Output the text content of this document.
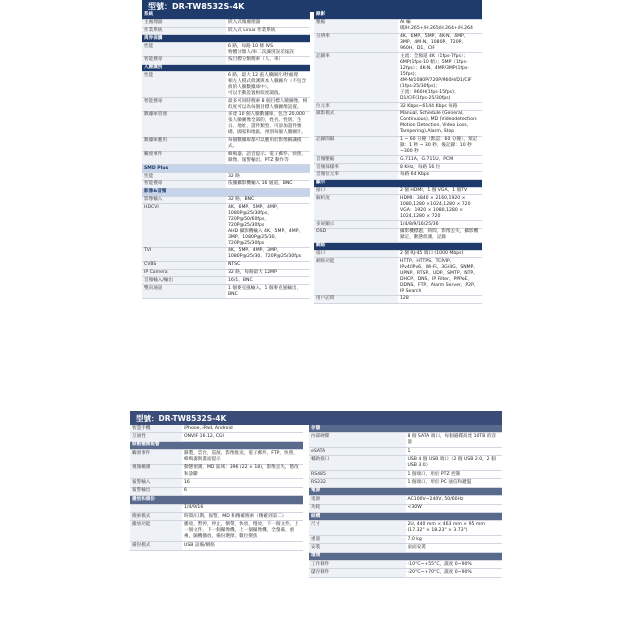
型號：DR-TW8532S-4K
系統	
主處理器	嵌入式微處理器
作業系統	嵌入式 Linux 作業系統
周界保護	
性能	6 路，每路 10 條 IVS
物體分類人/車二次識別誤差報誤
智能搜尋	按目標分類搜索（人、車）
人臉識別	
性能	6 路，最大 12 張人臉圖片/秒處理
相左人模式偵測與本人臉圖片（不包含偵的人臉數據庫中）。
可以手動設置相似度閾值。
智能搜尋	最多可同時搜索 8 個目標人臉圖像，相似度可以為每個目標人臉圖像設置。
數據庫管理	多達 10 個人臉數據庫，包含 20,000 張人臉圖像全部的，姓名、性別、生日、地址、證件類型、可添加證件號碼、國家和地區，州別每個人臉圖片。
數據庫應用	每個數據庫都可以應用於影像稱識模式。
觸發事件	蜂鳴器、語音提示、電子郵件、快照、錄像、報警輸出、PTZ 動作等
SMD Plus	
性能	32 路
智能搜尋	依據攝影機輸入 16 通道，BNC
影像&音頻	
影像輸入	32 路，BNC
HDCVI	4K、6MP、5MP、4MP、
1080P@25/30fps、720P@50/60fps、
720P@25/30fps
AHD 攝影機輸入 4K、5MP、4MP、
3MP、1080P@25/30、720P@25/30fps
TVI	4K、5MP、4MP、3MP、
1080P@25/30、720P@25/30fps
CVBS	NTSC
IP Camera	32 路，每路最大 12MP
音頻輸入/輸出	16/1，BNC
雙向通話	1 個麥克風輸入，1 個麥克風輸出，BNC
錄影	
壓縮	AI 編碼/H.265+/H.265/H.264+/H.264
分辨率	4K、6MP、5MP、4K-N、4MP、3MP、4M-N、1080P、720P、960H、D1、CIF
記錄率	主流：全頻道 4K（1fps-7fps）；6MP(1fps-10 幀）；5MP（1fps-12fps）；4K-N、4MP/3MP(1fps-15fps)；
4M-N/1080P/720P/960H/D1/CIF (1fps-25/30fps)；
子流：960H(1fps-15fps)；
D1/CIF(1fps-25/30fps)
位元率	32 Kbps~6144 Kbps 每路
錄影模式	Manual, Schedule (General, Continuous), MD (Videodetection: Motion Detection, Video Loss, Tampering),Alarm, Stop
記錄間隔	1 ~ 60 分鐘（默認：60 分鐘），預記錄：1 秒 ~ 30 秒，後記錄：10 秒~300 秒
音頻壓縮	G.711A、G.711U、PCM
音頻採樣率	8 KHz，每路 16 位
音頻位元率	每路 64 Kbps
顯示	
接口	2 個 HDMI，1 個 VGA，1 個TV
解析度	HDMI：3840 × 2160,1920 × 1080,1280 ×1024,1280 × 720
VGA：1920 × 1080,1280 × 1024,1280 × 720
多屏顯示	1/4/8/9/16/25/36
OSD	攝影機標題，時間，影像丟失，攝影機鎖定，動態偵測，記錄
網絡	
接口	2 個 RJ-45 端口 (1000 Mbps)
網絡功能	HTTP、HTTPS、TCP/IP、IPv4/IPv6、Wi-Fi、3G/4G、SNMP、UPNP、RTSP、UDP、SMTP、NTP、DHCP、DNS、IP Filter、PPPoE、DDNS、FTP、Alarm Server、P2P、IP Search
用戶訪問	128
型號：DR-TW8532S-4K
智慧手機	iPhone, iPad, Android
互通性	ONVIF 16.12, CGI
移動檢測報警	
觸發事件	錄製，雲台，巡演，影像推送，電子郵件，FTP，快照，蜂鳴器與畫面提示
視頻檢測	動態偵測，MD 區域：396 (22 × 18)，影像丟失，篡改和診斷
報警輸入	16
報警輸出	6
播放和備份	
	1/4/9/16
搜索模式	時間/日期，報警，MD 和精確搜索（精確到第二）
播放功能	播放，暫停，停止，倒帶，快放，慢放，下一個文件，上一個文件，下一個攝像機，上一個攝像機，全螢幕，重複，隨機播放，備份選擇，數位變焦
備份模式	USB 設備/網絡
存儲	
內部硬碟	8 個 SATA 端口，每個磁碟高達 10TB 的容量
eSATA	1
輔助接口	USB 4 個 USB 端口（2 個 USB 2.0，2 個 USB 3.0）
RS485	1 個端口，用於 PTZ 控制
RS232	1 個端口，用於 PC 通信和鍵盤
電源	
電源	AC100V~240V, 50/60Hz
功耗	<30W
結構	
尺寸	2U, 440 mm × 463 mm × 95 mm
(17.32" × 18.23" × 3.73")
重量	7.0 kg
安裝	桌面安裝
環境	
工作條件	-10°C~+55°C，濕度 0~90%
儲存條件	-20°C~+70°C，濕度 0~90%
